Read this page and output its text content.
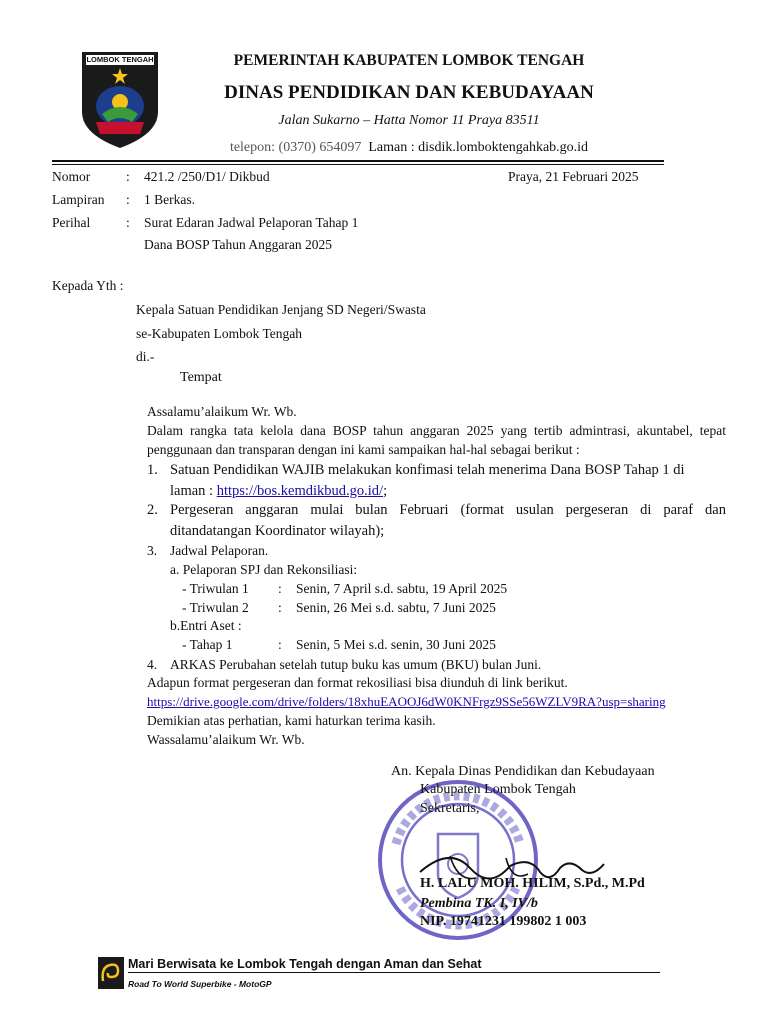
LOMBOK TENGAH	PEMERINTAH KABUPATEN LOMBOK TENGAH
DINAS PENDIDIKAN DAN KEBUDAYAAN
Jalan Sukarno – Hatta Nomor 11 Praya 83511
telepon: (0370) 654097 Laman : disdik.lomboktengahkab.go.id
Nomor	: 421.2 /250/D1/ Dikbud	Praya, 21 Februari 2025
Lampiran : 1 Berkas.
Perihal	: Surat Edaran Jadwal Pelaporan Tahap 1
Dana BOSP Tahun Anggaran 2025
Kepada Yth :
Kepala Satuan Pendidikan Jenjang SD Negeri/Swasta
se-Kabupaten Lombok Tengah
di.-
Tempat
Assalamu’alaikum Wr. Wb.
Dalam rangka tata kelola dana BOSP tahun anggaran 2025 yang tertib admintrasi, akuntabel, tepat penggunaan dan transparan dengan ini kami sampaikan hal-hal sebagai berikut :
1. Satuan Pendidikan WAJIB melakukan konfimasi telah menerima Dana BOSP Tahap 1 di
laman : https://bos.kemdikbud.go.id/;
2. Pergeseran anggaran mulai bulan Februari (format usulan pergeseran di paraf dan ditandatangan Koordinator wilayah);
3. Jadwal Pelaporan.
a. Pelaporan SPJ dan Rekonsiliasi:
- Triwulan 1 : Senin, 7 April s.d. sabtu, 19 April 2025
- Triwulan 2 : Senin, 26 Mei s.d. sabtu, 7 Juni 2025
b.Entri Aset :
- Tahap 1	: Senin, 5 Mei s.d. senin, 30 Juni 2025
4. ARKAS Perubahan setelah tutup buku kas umum (BKU) bulan Juni.
Adapun format pergeseran dan format rekosiliasi bisa diunduh di link berikut.
https://drive.google.com/drive/folders/18xhuEAOOJ6dW0KNFrgz9SSe56WZLV9RA?usp=sharing
Demikian atas perhatian, kami haturkan terima kasih.
Wassalamu’alaikum Wr. Wb.
An. Kepala Dinas Pendidikan dan Kebudayaan
Kabupaten Lombok Tengah
Sekretaris,
H. LALU MOH. HILIM, S.Pd., M.Pd
Pembina TK. I, IV/b
NIP. 19741231 199802 1 003
Mari Berwisata ke Lombok Tengah dengan Aman dan Sehat
Road To World Superbike - MotoGP
